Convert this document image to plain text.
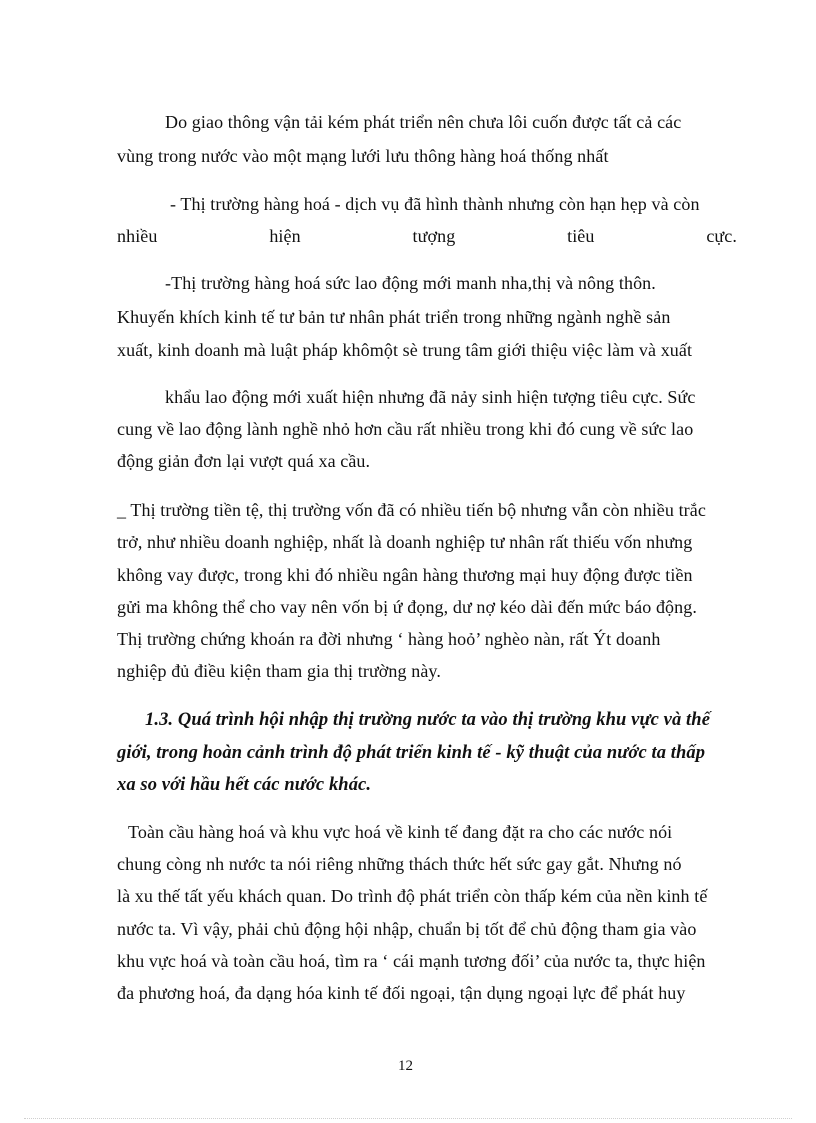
Do giao thông vận tải kém phát triển nên chưa lôi cuốn được tất cả các
vùng trong nước vào một mạng lưới lưu thông hàng hoá thống nhất
- Thị trường hàng hoá - dịch vụ đã hình thành nhưng còn hạn hẹp và còn
nhiều	hiện	tượng	tiêu	cực.
-Thị trường hàng hoá sức lao động mới manh nha,thị và nông thôn.
Khuyến khích kinh tế tư bản tư nhân phát triển trong những ngành nghề sản
xuất, kinh doanh mà luật pháp khômột sè trung tâm giới thiệu việc làm và xuất
khẩu lao động mới xuất hiện nhưng đã nảy sinh hiện tượng tiêu cực. Sức
cung về lao động lành nghề nhỏ hơn cầu rất nhiều trong khi đó cung về sức lao
động giản đơn lại vượt quá xa cầu.
_ Thị trường tiền tệ, thị trường vốn đã có nhiều tiến bộ nhưng vẫn còn nhiều trắc
trở, như nhiều doanh nghiệp, nhất là doanh nghiệp tư nhân rất thiếu vốn nhưng
không vay được, trong khi đó nhiều ngân hàng thương mại huy động được tiền
gửi ma không thể cho vay nên vốn bị ứ đọng, dư nợ kéo dài đến mức báo động.
Thị trường chứng khoán ra đời nhưng ‘ hàng hoỏ’ nghèo nàn, rất Ýt doanh
nghiệp đủ điều kiện tham gia thị trường này.
1.3. Quá trình hội nhập thị trường nước ta vào thị trường khu vực và thế
giới, trong hoàn cảnh trình độ phát triển kinh tế - kỹ thuật của nước ta thấp
xa so với hầu hết các nước khác.
Toàn cầu hàng hoá và khu vực hoá về kinh tế đang đặt ra cho các nước nói
chung còng nh nước ta nói riêng những thách thức hết sức gay gắt. Nhưng nó
là xu thế tất yếu khách quan. Do trình độ phát triển còn thấp kém của nền kinh tế
nước ta. Vì vậy, phải chủ động hội nhập, chuẩn bị tốt để chủ động tham gia vào
khu vực hoá và toàn cầu hoá, tìm ra ‘ cái mạnh tương đối’ của nước ta, thực hiện
đa phương hoá, đa dạng hóa kinh tế đối ngoại, tận dụng ngoại lực để phát huy
12
